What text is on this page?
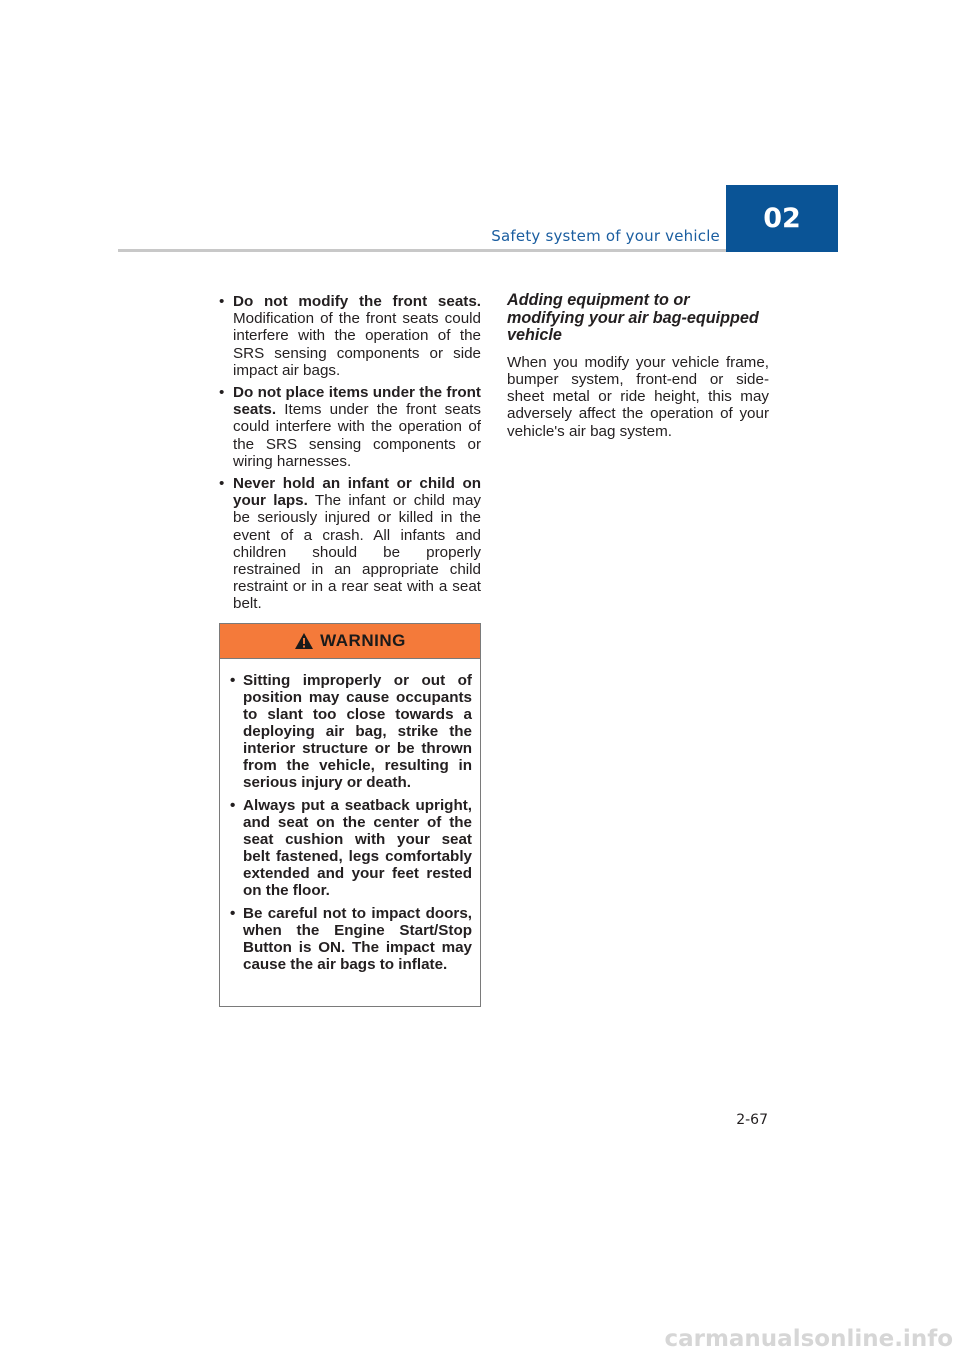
Safety system of your vehicle
02
• Do not modify the front seats. Modification of the front seats could interfere with the operation of the SRS sensing components or side impact air bags.
• Do not place items under the front seats. Items under the front seats could interfere with the operation of the SRS sensing components or wiring harnesses.
• Never hold an infant or child on your laps. The infant or child may be seriously injured or killed in the event of a crash. All infants and children should be properly restrained in an appropriate child restraint or in a rear seat with a seat belt.
WARNING
• Sitting improperly or out of position may cause occupants to slant too close towards a deploying air bag, strike the interior structure or be thrown from the vehicle, resulting in serious injury or death.
• Always put a seatback upright, and seat on the center of the seat cushion with your seat belt fastened, legs comfortably extended and your feet rested on the floor.
• Be careful not to impact doors, when the Engine Start/Stop Button is ON. The impact may cause the air bags to inflate.
Adding equipment to or modifying your air bag-equipped vehicle

When you modify your vehicle frame, bumper system, front-end or side-sheet metal or ride height, this may adversely affect the operation of your vehicle's air bag system.

2-67
carmanualsonline.info
